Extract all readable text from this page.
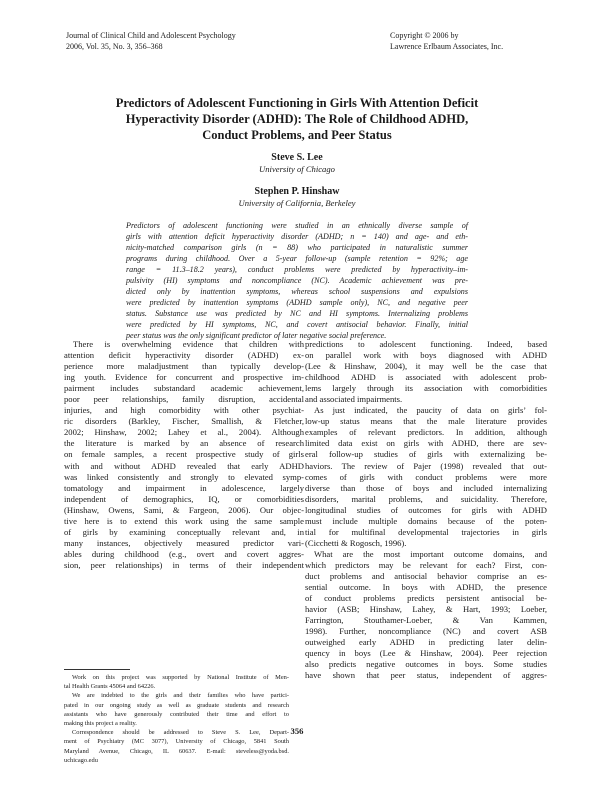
Journal of Clinical Child and Adolescent Psychology
2006, Vol. 35, No. 3, 356–368
Copyright © 2006 by
Lawrence Erlbaum Associates, Inc.
Predictors of Adolescent Functioning in Girls With Attention Deficit
Hyperactivity Disorder (ADHD): The Role of Childhood ADHD,
Conduct Problems, and Peer Status
Steve S. Lee
University of Chicago
Stephen P. Hinshaw
University of California, Berkeley
Predictors of adolescent functioning were studied in an ethnically diverse sample of
girls with attention deficit hyperactivity disorder (ADHD; n = 140) and age- and eth-
nicity-matched comparison girls (n = 88) who participated in naturalistic summer
programs during childhood. Over a 5-year follow-up (sample retention = 92%; age
range = 11.3–18.2 years), conduct problems were predicted by hyperactivity–im-
pulsivity (HI) symptoms and noncompliance (NC). Academic achievement was pre-
dicted only by inattention symptoms, whereas school suspensions and expulsions
were predicted by inattention symptoms (ADHD sample only), NC, and negative peer
status. Substance use was predicted by NC and HI symptoms. Internalizing problems
were predicted by HI symptoms, NC, and covert antisocial behavior. Finally, initial
peer status was the only significant predictor of later negative social preference.
There is overwhelming evidence that children with
attention deficit hyperactivity disorder (ADHD) ex-
perience more maladjustment than typically develop-
ing youth. Evidence for concurrent and prospective im-
pairment includes substandard academic achievement,
poor peer relationships, family disruption, accidental
injuries, and high comorbidity with other psychiat-
ric disorders (Barkley, Fischer, Smallish, & Fletcher,
2002; Hinshaw, 2002; Lahey et al., 2004). Although
the literature is marked by an absence of research
on female samples, a recent prospective study of girls
with and without ADHD revealed that early ADHD
was linked consistently and strongly to elevated symp-
tomatology and impairment in adolescence, largely
independent of demographics, IQ, or comorbidities
(Hinshaw, Owens, Sami, & Fargeon, 2006). Our objec-
tive here is to extend this work using the same sample
of girls by examining conceptually relevant and, in
many instances, objectively measured predictor vari-
ables during childhood (e.g., overt and covert aggres-
sion, peer relationships) in terms of their independent
predictions to adolescent functioning. Indeed, based
on parallel work with boys diagnosed with ADHD
(Lee & Hinshaw, 2004), it may well be the case that
childhood ADHD is associated with adolescent prob-
lems largely through its association with comorbidities
and associated impairments.
As just indicated, the paucity of data on girls’ fol-
low-up status means that the male literature provides
examples of relevant predictors. In addition, although
limited data exist on girls with ADHD, there are sev-
eral follow-up studies of girls with externalizing be-
haviors. The review of Pajer (1998) revealed that out-
comes of girls with conduct problems were more
diverse than those of boys and included internalizing
disorders, marital problems, and suicidality. Therefore,
longitudinal studies of outcomes for girls with ADHD
must include multiple domains because of the poten-
tial for multifinal developmental trajectories in girls
(Cicchetti & Rogosch, 1996).
What are the most important outcome domains, and
which predictors may be relevant for each? First, con-
duct problems and antisocial behavior comprise an es-
sential outcome. In boys with ADHD, the presence
of conduct problems predicts persistent antisocial be-
havior (ASB; Hinshaw, Lahey, & Hart, 1993; Loeber,
Farrington, Stouthamer-Loeber, & Van Kammen,
1998). Further, noncompliance (NC) and covert ASB
outweighed early ADHD in predicting later delin-
quency in boys (Lee & Hinshaw, 2004). Peer rejection
also predicts negative outcomes in boys. Some studies
have shown that peer status, independent of aggres-
Work on this project was supported by National Institute of Men-
tal Health Grants 45064 and 64226.
We are indebted to the girls and their families who have partici-
pated in our ongoing study as well as graduate students and research
assistants who have generously contributed their time and effort to
making this project a reality.
Correspondence should be addressed to Steve S. Lee, Depart-
ment of Psychiatry (MC 3077), University of Chicago, 5841 South
Maryland Avenue, Chicago, IL 60637. E-mail: steveless@yoda.bsd.
uchicago.edu
356
